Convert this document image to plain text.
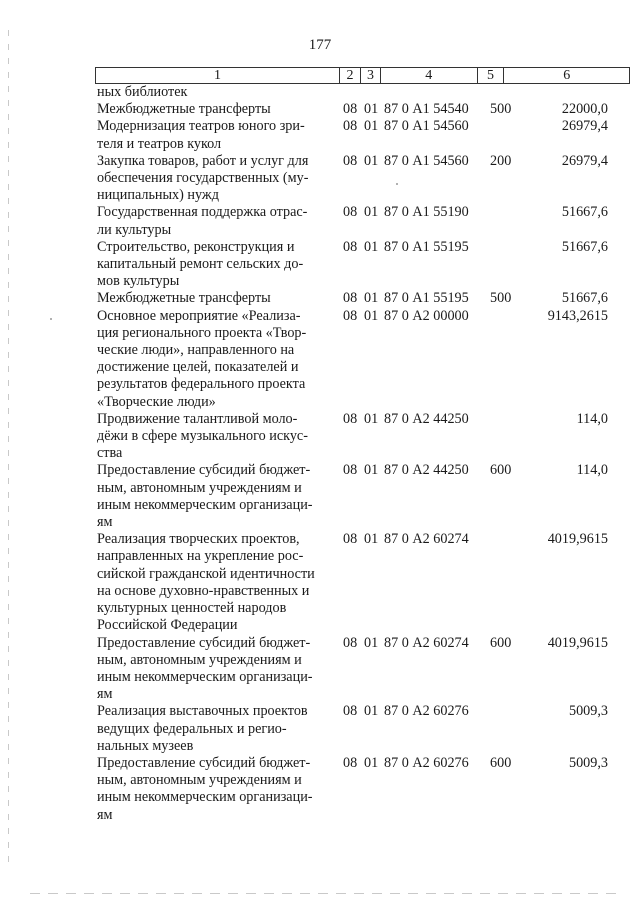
177
1	2 3	4	5	6
ных библиотек
Межбюджетные трансферты	08 01 87 0 А1 54540	500	22000,0
Модернизация театров юного зри-
теля и театров кукол
08 01 87 0 А1 54560	26979,4
Закупка товаров, работ и услуг для
обеспечения государственных (му-
ниципальных) нужд
08 01 87 0 А1 54560	200	26979,4
Государственная поддержка отрас-
ли культуры
08 01 87 0 А1 55190	51667,6
Строительство, реконструкция и
капитальный ремонт сельских до-
мов культуры
08 01 87 0 А1 55195	51667,6
Межбюджетные трансферты	08 01 87 0 А1 55195	500	51667,6
Основное мероприятие «Реализа-
ция регионального проекта «Твор-
ческие люди», направленного на
достижение целей, показателей и
результатов федерального проекта
«Творческие люди»
08 01 87 0 А2 00000	9143,2615
Продвижение талантливой моло-
дёжи в сфере музыкального искус-
ства
08 01 87 0 А2 44250	114,0
Предоставление субсидий бюджет-
ным, автономным учреждениям и
иным некоммерческим организаци-
ям
08 01 87 0 А2 44250	600	114,0
Реализация творческих проектов,
направленных на укрепление рос-
сийской гражданской идентичности
на основе духовно-нравственных и
культурных ценностей народов
Российской Федерации
08 01 87 0 А2 60274	4019,9615
Предоставление субсидий бюджет-
ным, автономным учреждениям и
иным некоммерческим организаци-
ям
08 01 87 0 А2 60274	600	4019,9615
Реализация выставочных проектов
ведущих федеральных и регио-
нальных музеев
08 01 87 0 А2 60276	5009,3
Предоставление субсидий бюджет-
ным, автономным учреждениям и
иным некоммерческим организаци-
ям
08 01 87 0 А2 60276	600	5009,3
